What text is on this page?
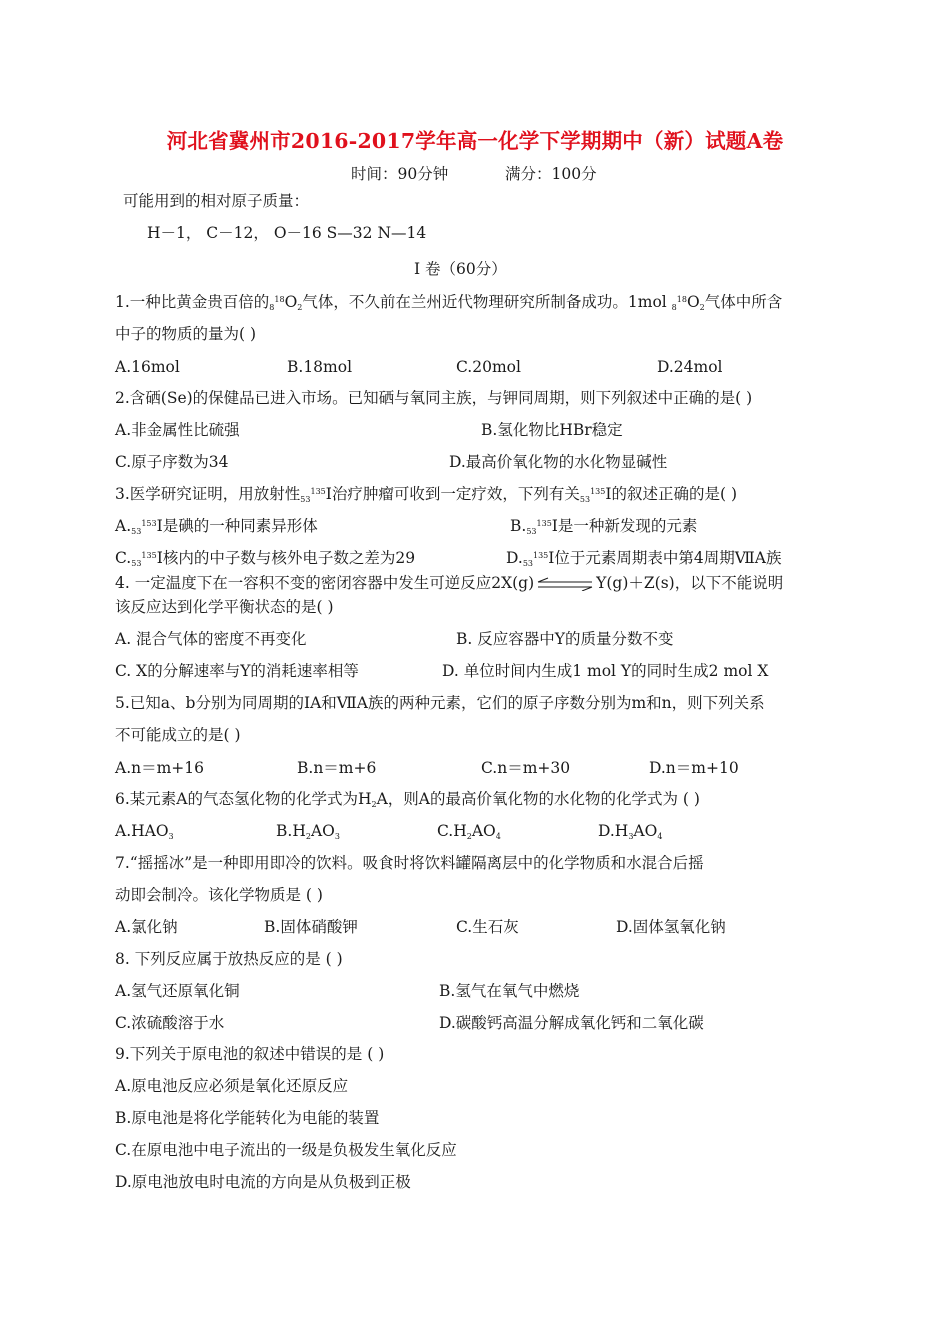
河北省冀州市2016-2017学年高一化学下学期期中（新）试题A卷
时间：90分钟	满分：100分
可能用到的相对原子质量：
H－1， C－12， O－16 S—32 N—14
Ⅰ 卷（60分）
1.一种比黄金贵百倍的$8^{18}O2$气体，不久前在兰州近代物理研究所制备成功。1mol $8^{18}O2$气体中所含
中子的物质的量为( )
A.16mol	B.18mol	C.20mol	D.24mol
2.含硒(Se)的保健品已进入市场。已知硒与氧同主族，与钾同周期，则下列叙述中正确的是( )
A.非金属性比硫强	B.氢化物比HBr稳定
C.原子序数为34	D.最高价氧化物的水化物显碱性
3.医学研究证明，用放射性$53^{135}I$治疗肿瘤可收到一定疗效，下列有关$53^{135}I$的叙述正确的是( )
$A.53^{153}I$是碘的一种同素异形体	$B.53^{135}I$是一种新发现的元素
$C.53^{135}I$核内的中子数与核外电子数之差为29	$D.53^{135}I$位于元素周期表中第4周期ⅦA族
4. 一定温度下在一容积不变的密闭容器中发生可逆反应2X(g) ⇌ Y(g)＋Z(s)，以下不能说明
该反应达到化学平衡状态的是( )
A. 混合气体的密度不再变化	B. 反应容器中Y的质量分数不变
C. X的分解速率与Y的消耗速率相等	D. 单位时间内生成1 mol Y的同时生成2 mol X
5.已知a、b分别为同周期的ⅠA和ⅦA族的两种元素，它们的原子序数分别为m和n，则下列关系
不可能成立的是( )
A.n＝m+16	B.n＝m+6	C.n＝m+30	D.n＝m+10
6.某元素A的气态氢化物的化学式为H2A，则A的最高价氧化物的水化物的化学式为 ( )
A.HAO3	B.H2AO3	C.H2AO4	D.H3AO4
7.“摇摇冰”是一种即用即冷的饮料。吸食时将饮料罐隔离层中的化学物质和水混合后摇
动即会制冷。该化学物质是 ( )
A.氯化钠	B.固体硝酸钾	C.生石灰	D.固体氢氧化钠
8. 下列反应属于放热反应的是 ( )
A.氢气还原氧化铜	B.氢气在氧气中燃烧
C.浓硫酸溶于水	D.碳酸钙高温分解成氧化钙和二氧化碳
9.下列关于原电池的叙述中错误的是 ( )
A.原电池反应必须是氧化还原反应
B.原电池是将化学能转化为电能的装置
C.在原电池中电子流出的一级是负极发生氧化反应
D.原电池放电时电流的方向是从负极到正极
